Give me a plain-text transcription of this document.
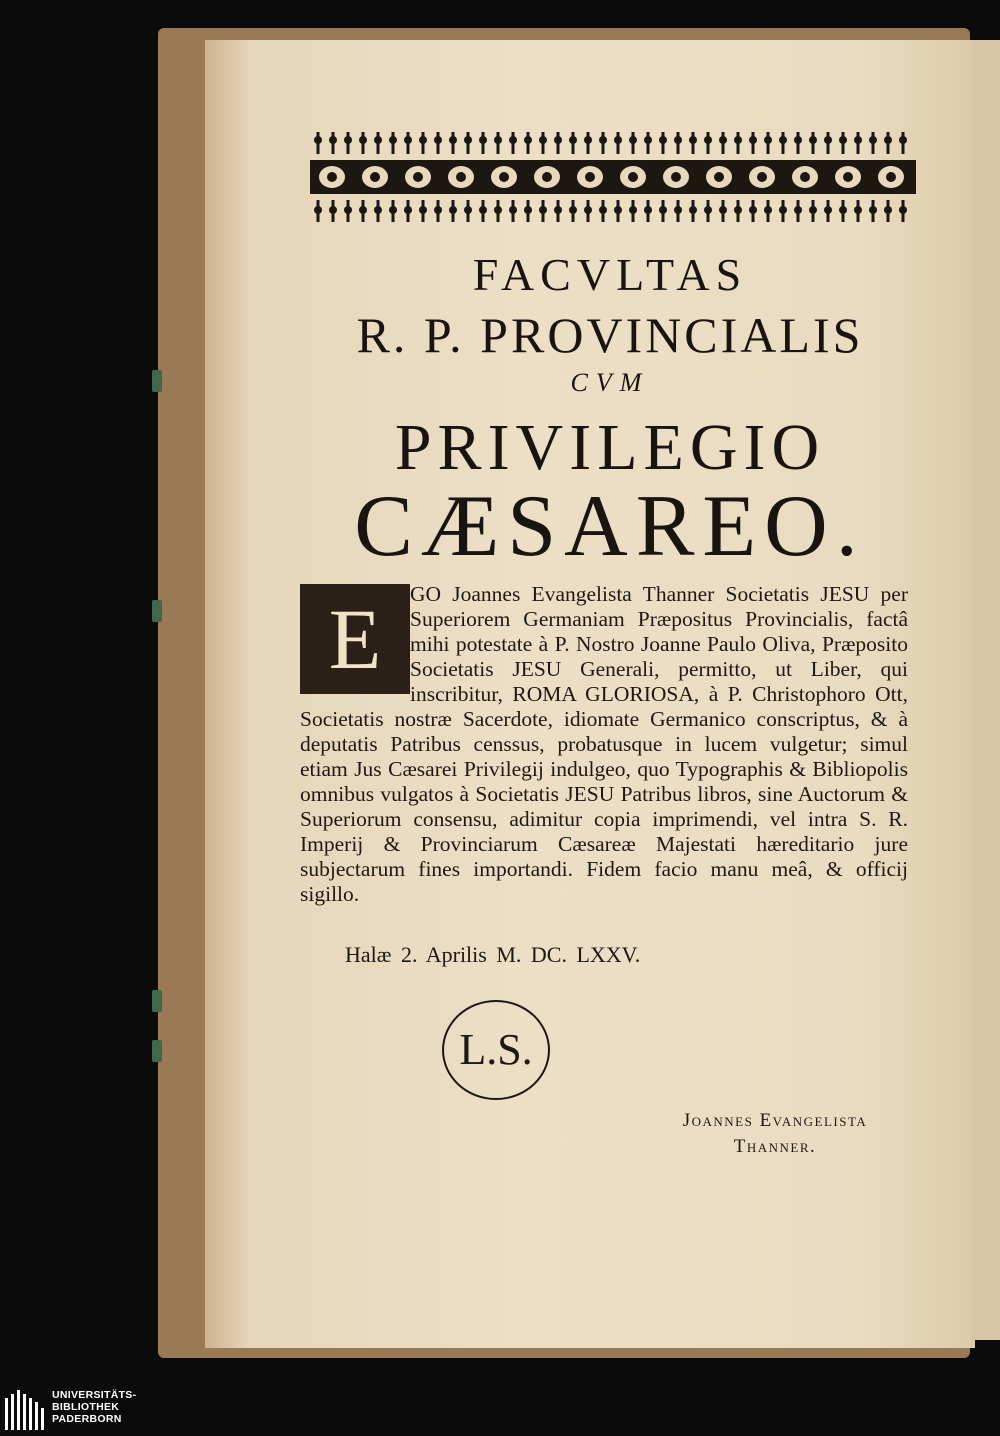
FACVLTAS
R. P. PROVINCIALIS
CVM
PRIVILEGIO
CÆSAREO.
E	GO Joannes Evangelista Thanner Societatis JESU per Superiorem Germaniam Præpositus Provincialis, factâ mihi potestate à P. Nostro Joanne Paulo Oliva, Præposito Societatis JESU Generali, permitto, ut Liber, qui inscribitur, ROMA GLORIOSA, à P. Christophoro Ott, Societatis nostræ Sacerdote, idiomate Germanico conscriptus, & à deputatis Patribus censsus, probatusque in lucem vulgetur; simul etiam Jus Cæsarei Privilegij indulgeo, quo Typographis & Bibliopolis omnibus vulgatos à Societatis JESU Patribus libros, sine Auctorum & Superiorum consensu, adimitur copia imprimendi, vel intra S. R. Imperij & Provinciarum Cæsareæ Majestati hæreditario jure subjectarum fines importandi. Fidem facio manu meâ, & officij sigillo.
Halæ 2. Aprilis M. DC. LXXV.
L.S.
Joannes Evangelista
Thanner.
UNIVERSITÄTS-
BIBLIOTHEK
PADERBORN
